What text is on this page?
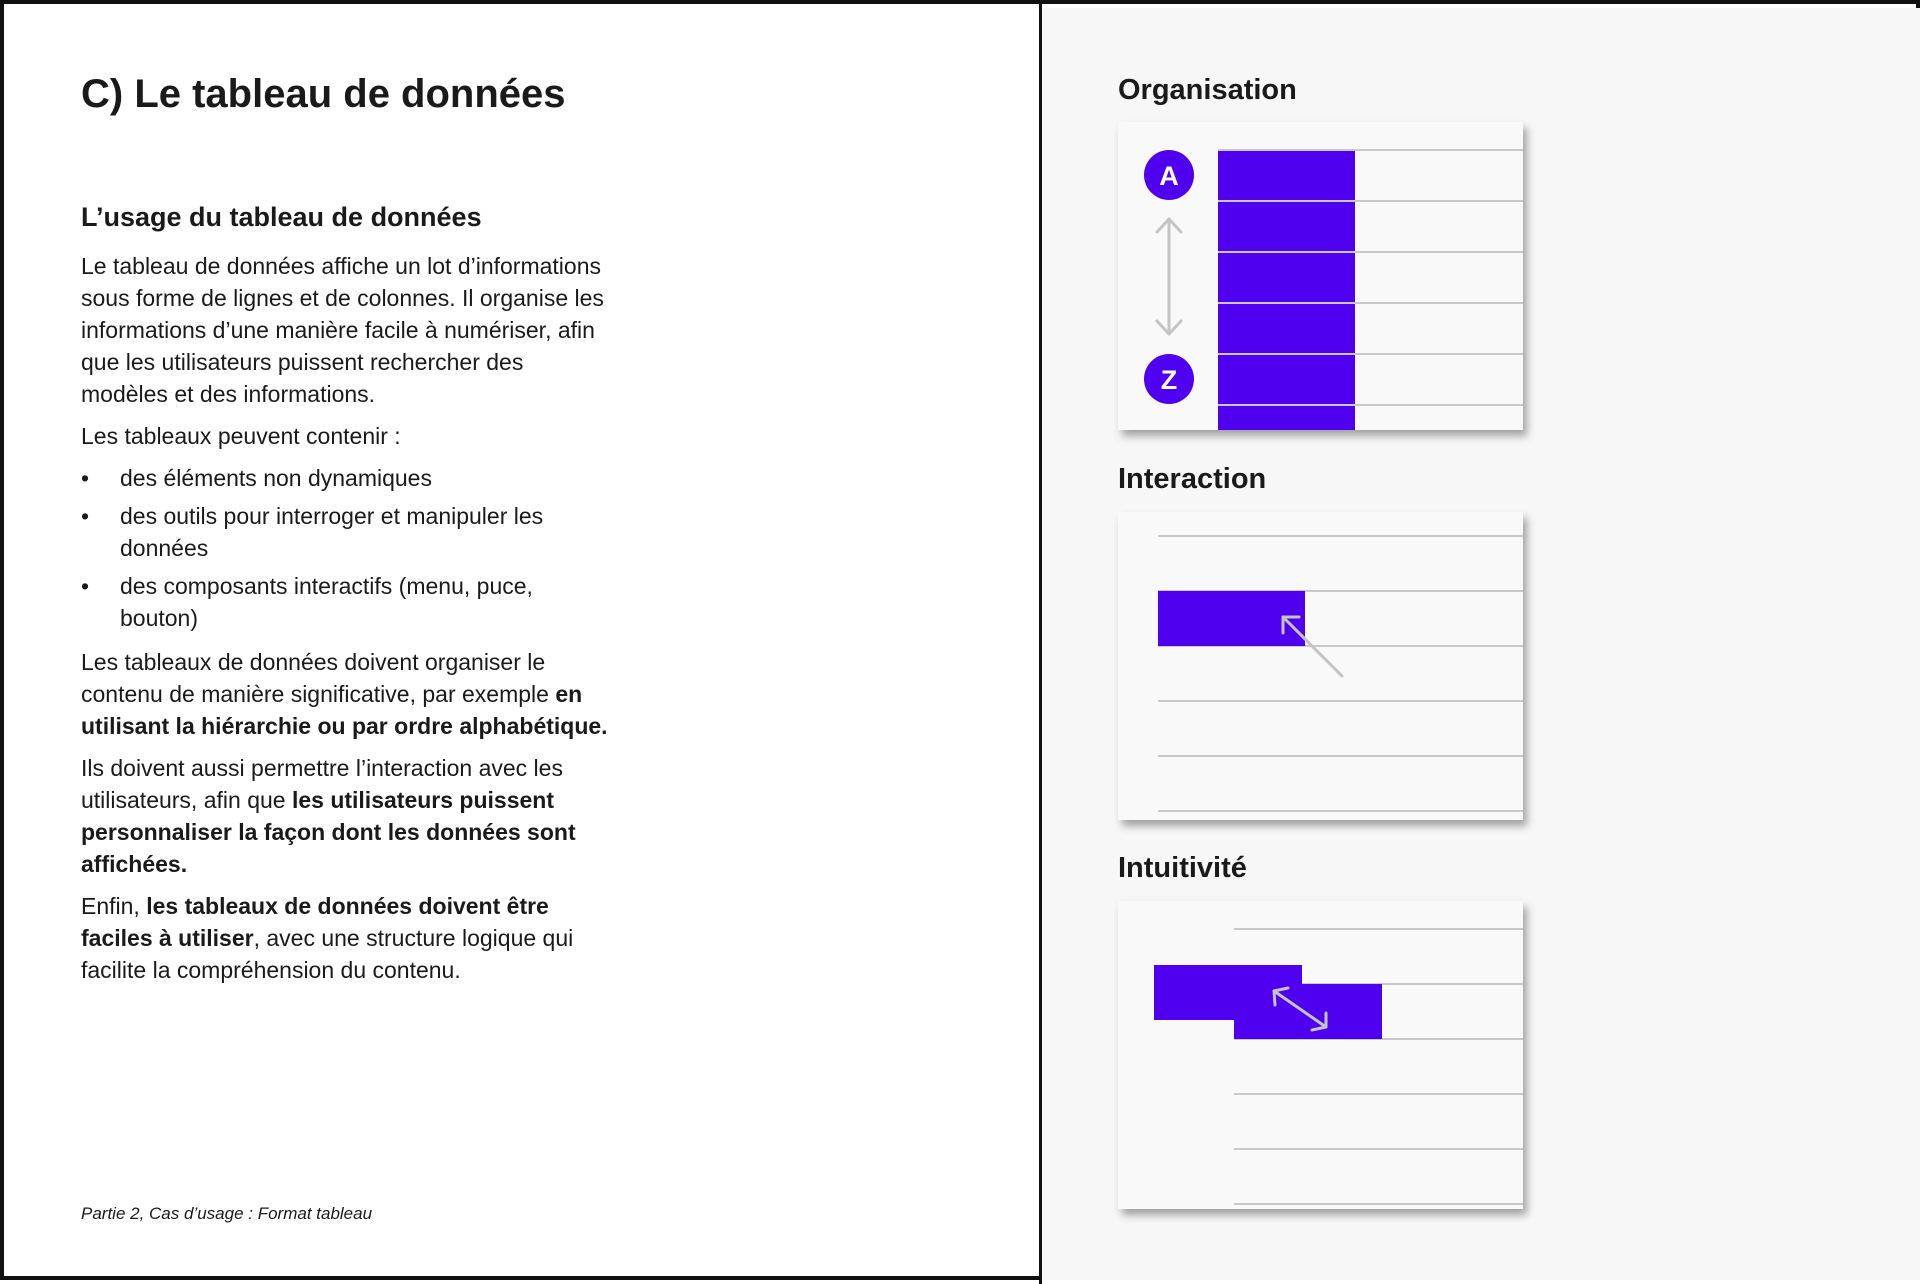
C) Le tableau de données
L’usage du tableau de données

Le tableau de données affiche un lot d’informations sous forme de lignes et de colonnes. Il organise les informations d’une manière facile à numériser, afin que les utilisateurs puissent rechercher des modèles et des informations.

Les tableaux peuvent contenir :

• des éléments non dynamiques
• des outils pour interroger et manipuler les données
• des composants interactifs (menu, puce, bouton)

Les tableaux de données doivent organiser le contenu de manière significative, par exemple en utilisant la hiérarchie ou par ordre alphabétique.

Ils doivent aussi permettre l’interaction avec les utilisateurs, afin que les utilisateurs puissent personnaliser la façon dont les données sont affichées.

Enfin, les tableaux de données doivent être faciles à utiliser, avec une structure logique qui facilite la compréhension du contenu.

Partie 2, Cas d’usage : Format tableau
Organisation
A
Z
Interaction
Intuitivité
